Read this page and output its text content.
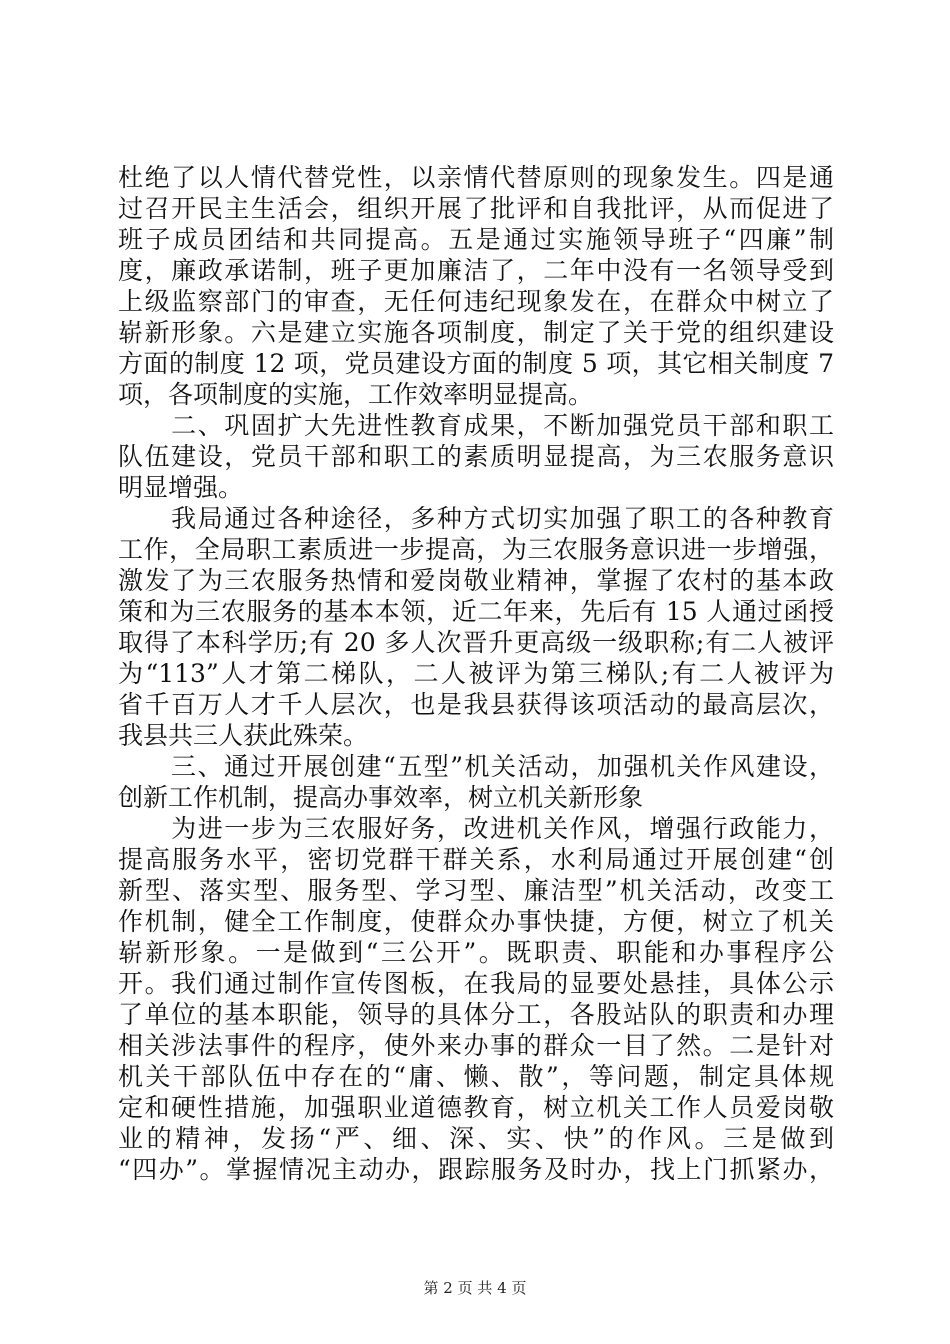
杜绝了以人情代替党性，以亲情代替原则的现象发生。四是通
过召开民主生活会，组织开展了批评和自我批评，从而促进了
班子成员团结和共同提高。五是通过实施领导班子“四廉”制
度，廉政承诺制，班子更加廉洁了，二年中没有一名领导受到
上级监察部门的审查，无任何违纪现象发在，在群众中树立了
崭新形象。六是建立实施各项制度，制定了关于党的组织建设
方面的制度 12 项，党员建设方面的制度 5 项，其它相关制度 7
项，各项制度的实施，工作效率明显提高。
　　二、巩固扩大先进性教育成果，不断加强党员干部和职工
队伍建设，党员干部和职工的素质明显提高，为三农服务意识
明显增强。
　　我局通过各种途径，多种方式切实加强了职工的各种教育
工作，全局职工素质进一步提高，为三农服务意识进一步增强，
激发了为三农服务热情和爱岗敬业精神，掌握了农村的基本政
策和为三农服务的基本本领，近二年来，先后有 15 人通过函授
取得了本科学历;有 20 多人次晋升更高级一级职称;有二人被评
为“113”人才第二梯队，二人被评为第三梯队;有二人被评为
省千百万人才千人层次，也是我县获得该项活动的最高层次，
我县共三人获此殊荣。
　　三、通过开展创建“五型”机关活动，加强机关作风建设，
创新工作机制，提高办事效率，树立机关新形象
　　为进一步为三农服好务，改进机关作风，增强行政能力，
提高服务水平，密切党群干群关系，水利局通过开展创建“创
新型、落实型、服务型、学习型、廉洁型”机关活动，改变工
作机制，健全工作制度，使群众办事快捷，方便，树立了机关
崭新形象。一是做到“三公开”。既职责、职能和办事程序公
开。我们通过制作宣传图板，在我局的显要处悬挂，具体公示
了单位的基本职能，领导的具体分工，各股站队的职责和办理
相关涉法事件的程序，使外来办事的群众一目了然。二是针对
机关干部队伍中存在的“庸、懒、散”，等问题，制定具体规
定和硬性措施，加强职业道德教育，树立机关工作人员爱岗敬
业的精神，发扬“严、细、深、实、快”的作风。三是做到
“四办”。掌握情况主动办，跟踪服务及时办，找上门抓紧办，
第 2 页 共 4 页
